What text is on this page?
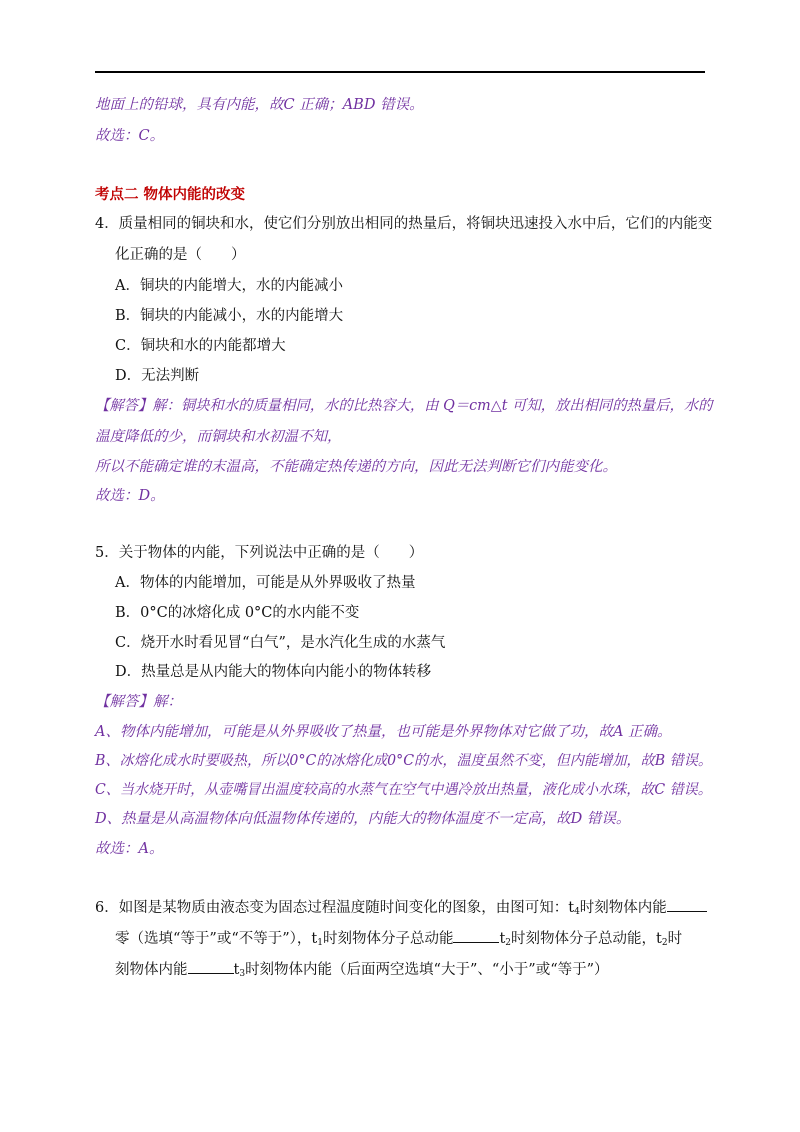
地面上的铅球，具有内能，故C 正确；ABD 错误。
故选：C。
考点二 物体内能的改变
4．质量相同的铜块和水，使它们分别放出相同的热量后，将铜块迅速投入水中后，它们的内能变
化正确的是（　　）
A．铜块的内能增大，水的内能减小
B．铜块的内能减小，水的内能增大
C．铜块和水的内能都增大
D．无法判断
【解答】解：铜块和水的质量相同，水的比热容大，由 Q＝cm△t 可知，放出相同的热量后，水的
温度降低的少，而铜块和水初温不知，
所以不能确定谁的末温高，不能确定热传递的方向，因此无法判断它们内能变化。
故选：D。
5．关于物体的内能，下列说法中正确的是（　　）
A．物体的内能增加，可能是从外界吸收了热量
B．0°C的冰熔化成 0°C的水内能不变
C．烧开水时看见冒“白气”，是水汽化生成的水蒸气
D．热量总是从内能大的物体向内能小的物体转移
【解答】解：
A、物体内能增加，可能是从外界吸收了热量，也可能是外界物体对它做了功，故A 正确。
B、冰熔化成水时要吸热，所以0°C的冰熔化成0°C的水，温度虽然不变，但内能增加，故B 错误。
C、当水烧开时，从壶嘴冒出温度较高的水蒸气在空气中遇冷放出热量，液化成小水珠，故C 错误。
D、热量是从高温物体向低温物体传递的，内能大的物体温度不一定高，故D 错误。
故选：A。
6．如图是某物质由液态变为固态过程温度随时间变化的图象，由图可知：$t_4$时刻物体内能
零（选填“等于”或“不等于”），$t_1$时刻物体分子总动能	$t_2$时刻物体分子总动能，$t_2$时
刻物体内能	$t_3$时刻物体内能（后面两空选填“大于”、“小于”或“等于”）
